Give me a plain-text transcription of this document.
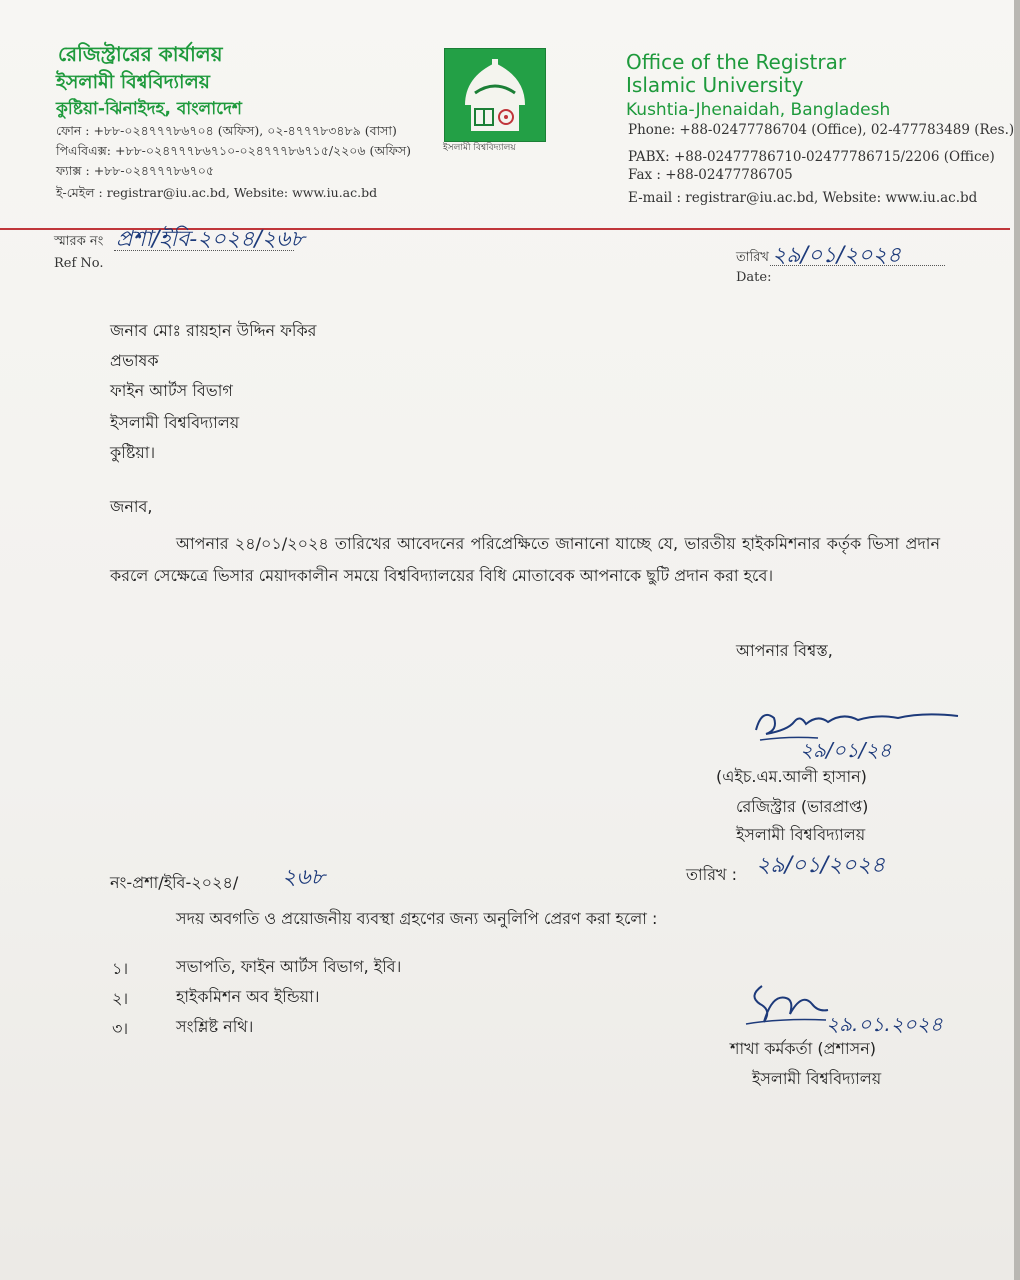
রেজিস্ট্রারের কার্যালয়
ইসলামী বিশ্ববিদ্যালয়
কুষ্টিয়া-ঝিনাইদহ, বাংলাদেশ
ফোন : +৮৮-০২৪৭৭৭৮৬৭০৪ (অফিস), ০২-৪৭৭৭৮৩৪৮৯ (বাসা)
পিএবিএক্স: +৮৮-০২৪৭৭৭৮৬৭১০-০২৪৭৭৭৮৬৭১৫/২২০৬ (অফিস)
ফ্যাক্স : +৮৮-০২৪৭৭৭৮৬৭০৫
ই-মেইল : registrar@iu.ac.bd, Website: www.iu.ac.bd
ইসলামী বিশ্ববিদ্যালয়
Office of the Registrar
Islamic University
Kushtia-Jhenaidah, Bangladesh
Phone: +88-02477786704 (Office), 02-477783489 (Res.)
PABX: +88-02477786710-02477786715/2206 (Office)
Fax : +88-02477786705
E-mail : registrar@iu.ac.bd, Website: www.iu.ac.bd
স্মারক নং
Ref No.
প্রশা/ইবি-২০২৪/২৬৮
তারিখ
Date:
২৯/০১/২০২৪
জনাব মোঃ রায়হান উদ্দিন ফকির
প্রভাষক
ফাইন আর্টস বিভাগ
ইসলামী বিশ্ববিদ্যালয়
কুষ্টিয়া।
জনাব,
আপনার ২৪/০১/২০২৪ তারিখের আবেদনের পরিপ্রেক্ষিতে জানানো যাচ্ছে যে, ভারতীয় হাইকমিশনার কর্তৃক ভিসা প্রদান করলে সেক্ষেত্রে ভিসার মেয়াদকালীন সময়ে বিশ্ববিদ্যালয়ের বিধি মোতাবেক আপনাকে ছুটি প্রদান করা হবে।
আপনার বিশ্বস্ত,
২৯/০১/২৪
(এইচ.এম.আলী হাসান)
রেজিস্ট্রার (ভারপ্রাপ্ত)
ইসলামী বিশ্ববিদ্যালয়
নং-প্রশা/ইবি-২০২৪/ ২৬৮	তারিখ : ২৯/০১/২০২৪
সদয় অবগতি ও প্রয়োজনীয় ব্যবস্থা গ্রহণের জন্য অনুলিপি প্রেরণ করা হলো :
১।	সভাপতি, ফাইন আর্টস বিভাগ, ইবি।
২।	হাইকমিশন অব ইন্ডিয়া।
৩।	সংশ্লিষ্ট নথি।	২৯.০১.২০২৪
শাখা কর্মকর্তা (প্রশাসন)
ইসলামী বিশ্ববিদ্যালয়
